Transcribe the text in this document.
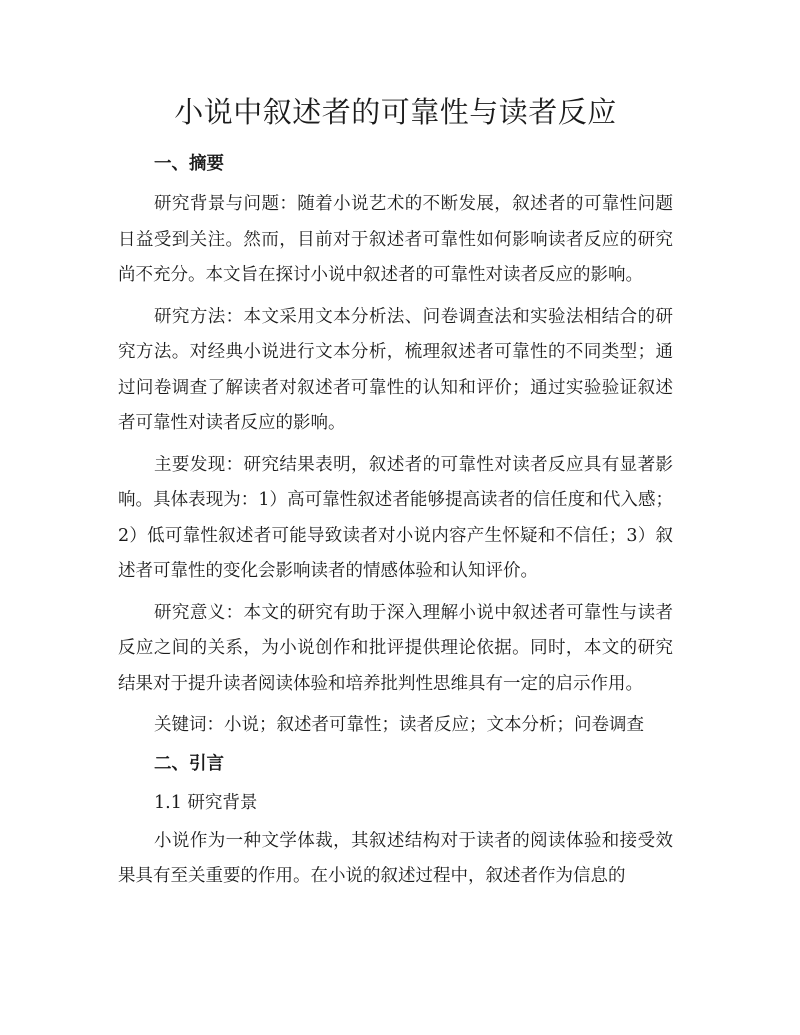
小说中叙述者的可靠性与读者反应
一、摘要

研究背景与问题：随着小说艺术的不断发展，叙述者的可靠性问题日益受到关注。然而，目前对于叙述者可靠性如何影响读者反应的研究尚不充分。本文旨在探讨小说中叙述者的可靠性对读者反应的影响。

研究方法：本文采用文本分析法、问卷调查法和实验法相结合的研究方法。对经典小说进行文本分析，梳理叙述者可靠性的不同类型；通过问卷调查了解读者对叙述者可靠性的认知和评价；通过实验验证叙述者可靠性对读者反应的影响。

主要发现：研究结果表明，叙述者的可靠性对读者反应具有显著影响。具体表现为：1）高可靠性叙述者能够提高读者的信任度和代入感；2）低可靠性叙述者可能导致读者对小说内容产生怀疑和不信任；3）叙述者可靠性的变化会影响读者的情感体验和认知评价。

研究意义：本文的研究有助于深入理解小说中叙述者可靠性与读者反应之间的关系，为小说创作和批评提供理论依据。同时，本文的研究结果对于提升读者阅读体验和培养批判性思维具有一定的启示作用。

关键词：小说；叙述者可靠性；读者反应；文本分析；问卷调查

二、引言
1.1 研究背景

小说作为一种文学体裁，其叙述结构对于读者的阅读体验和接受效果具有至关重要的作用。在小说的叙述过程中，叙述者作为信息的
